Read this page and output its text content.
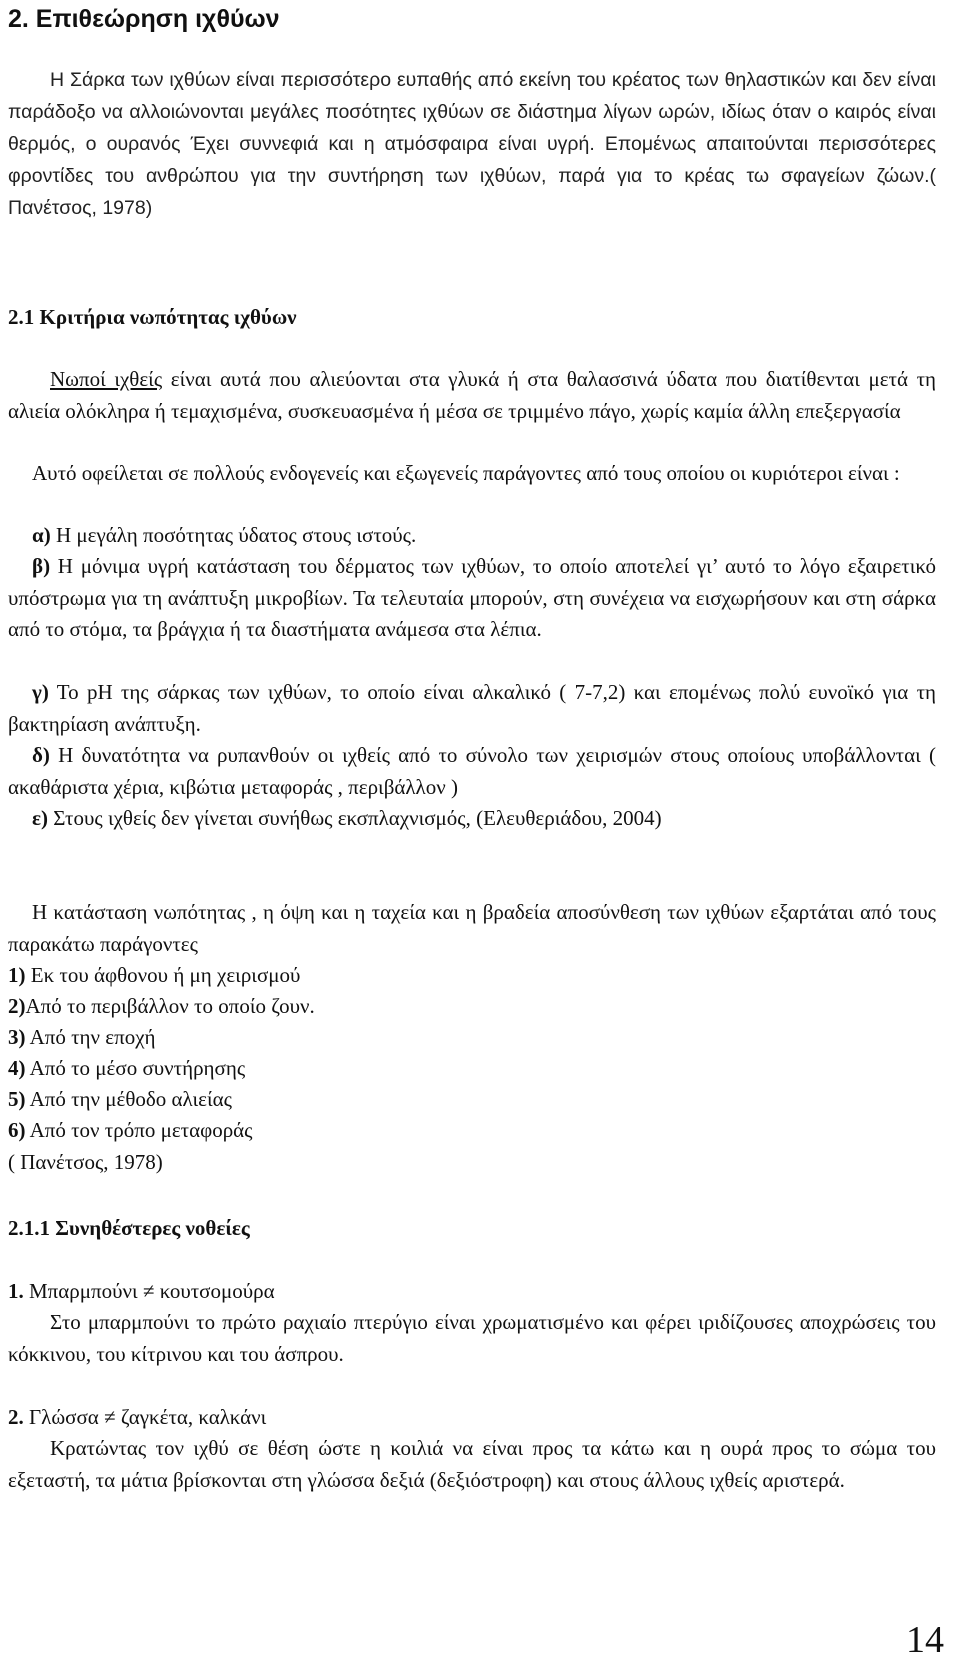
2. Επιθεώρηση ιχθύων
Η Σάρκα των ιχθύων είναι περισσότερο ευπαθής από εκείνη του κρέατος των θηλαστικών και δεν είναι παράδοξο να αλλοιώνονται μεγάλες ποσότητες ιχθύων σε διάστημα λίγων ωρών, ιδίως όταν ο καιρός είναι θερμός, ο ουρανός Έχει συννεφιά και η ατμόσφαιρα είναι υγρή. Επομένως απαιτούνται περισσότερες φροντίδες του ανθρώπου για την συντήρηση των ιχθύων, παρά για το κρέας τω σφαγείων ζώων.( Πανέτσος, 1978)
2.1 Κριτήρια νωπότητας ιχθύων
Νωποί ιχθείς είναι αυτά που αλιεύονται στα γλυκά ή στα θαλασσινά ύδατα που διατίθενται μετά τη αλιεία ολόκληρα ή τεμαχισμένα, συσκευασμένα ή μέσα σε τριμμένο πάγο, χωρίς καμία άλλη επεξεργασία
Αυτό οφείλεται σε πολλούς ενδογενείς και εξωγενείς παράγοντες από τους οποίου οι κυριότεροι είναι :
α) Η μεγάλη ποσότητας ύδατος στους ιστούς.
β) Η μόνιμα υγρή κατάσταση του δέρματος των ιχθύων, το οποίο αποτελεί γι’ αυτό το λόγο εξαιρετικό υπόστρωμα για τη ανάπτυξη μικροβίων. Τα τελευταία μπορούν, στη συνέχεια να εισχωρήσουν και στη σάρκα από το στόμα, τα βράγχια ή τα διαστήματα ανάμεσα στα λέπια.
γ) Το pH της σάρκας των ιχθύων, το οποίο είναι αλκαλικό ( 7-7,2) και επομένως πολύ ευνοϊκό για τη βακτηρίαση ανάπτυξη.
δ) Η δυνατότητα να ρυπανθούν οι ιχθείς από το σύνολο των χειρισμών στους οποίους υποβάλλονται ( ακαθάριστα χέρια, κιβώτια μεταφοράς , περιβάλλον )
ε) Στους ιχθείς δεν γίνεται συνήθως εκσπλαχνισμός, (Ελευθεριάδου, 2004)
Η κατάσταση νωπότητας , η όψη και η ταχεία και η βραδεία αποσύνθεση των ιχθύων εξαρτάται από τους παρακάτω παράγοντες
1) Εκ του άφθονου ή μη χειρισμού
2)Από το περιβάλλον το οποίο ζουν.
3) Από την εποχή
4) Από το μέσο συντήρησης
5) Από την μέθοδο αλιείας
6) Από τον τρόπο μεταφοράς
( Πανέτσος, 1978)
2.1.1 Συνηθέστερες νοθείες
1. Μπαρμπούνι ≠ κουτσομούρα
Στο μπαρμπούνι το πρώτο ραχιαίο πτερύγιο είναι χρωματισμένο και φέρει ιριδίζουσες αποχρώσεις του κόκκινου, του κίτρινου και του άσπρου.
2. Γλώσσα ≠ ζαγκέτα, καλκάνι
Κρατώντας τον ιχθύ σε θέση ώστε η κοιλιά να είναι προς τα κάτω και η ουρά προς το σώμα του εξεταστή, τα μάτια βρίσκονται στη γλώσσα δεξιά (δεξιόστροφη) και στους άλλους ιχθείς αριστερά.
14
